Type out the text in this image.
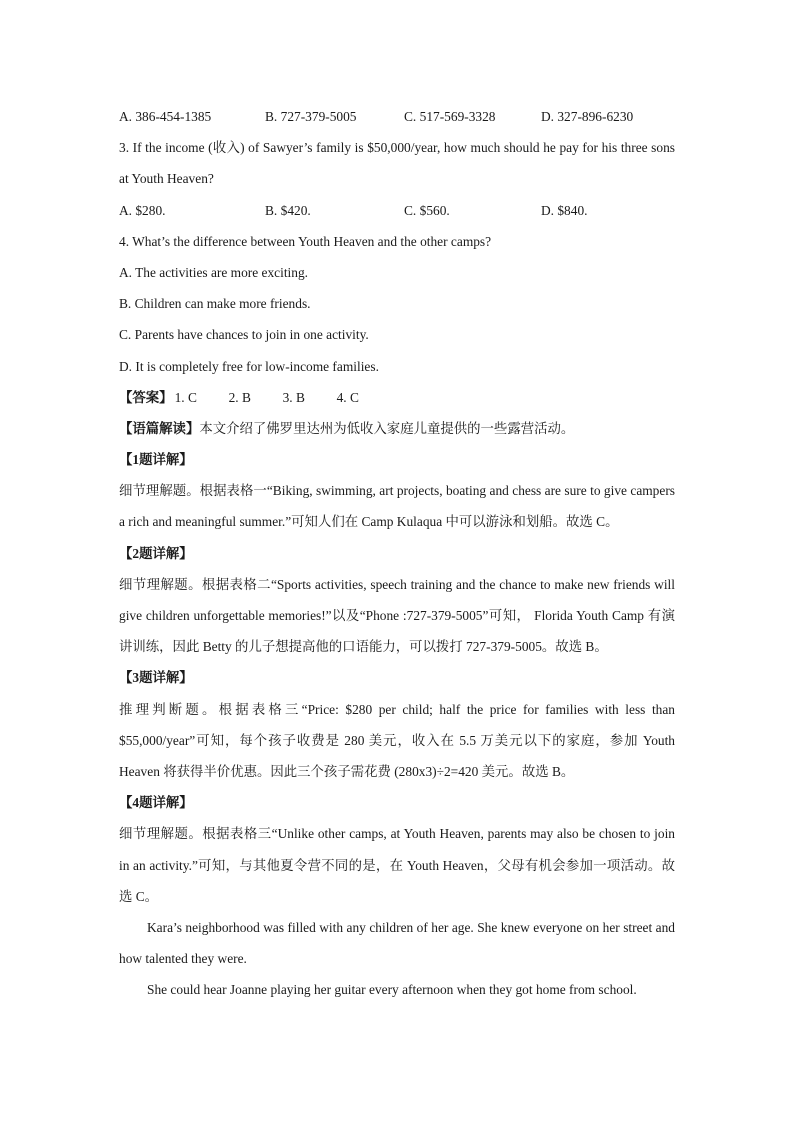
A. 386-454-1385	B. 727-379-5005	C. 517-569-3328	D. 327-896-6230
3. If the income (收入) of Sawyer’s family is $50,000/year, how much should he pay for his three sons at Youth Heaven?
A. $280.	B. $420.	C. $560.	D. $840.
4. What’s the difference between Youth Heaven and the other camps?
A. The activities are more exciting.
B. Children can make more friends.
C. Parents have chances to join in one activity.
D. It is completely free for low-income families.
【答案】 1. C 2. B 3. B 4. C
【语篇解读】本文介绍了佛罗里达州为低收入家庭儿童提供的一些露营活动。
【1题详解】
细节理解题。根据表格一“Biking, swimming, art projects, boating and chess are sure to give campers a rich and meaningful summer.”可知人们在 Camp Kulaqua 中可以游泳和划船。故选 C。
【2题详解】
细节理解题。根据表格二“Sports activities, speech training and the chance to make new friends will give children unforgettable memories!”以及“Phone :727-379-5005”可知， Florida Youth Camp 有演讲训练，因此 Betty 的儿子想提高他的口语能力，可以拨打 727-379-5005。故选 B。
【3题详解】
推理判断题。根据表格三“Price: $280 per child; half the price for families with less than $55,000/year”可知，每个孩子收费是 280 美元，收入在 5.5 万美元以下的家庭，参加 Youth Heaven 将获得半价优惠。因此三个孩子需花费 (280x3)÷2=420 美元。故选 B。
【4题详解】
细节理解题。根据表格三“Unlike other camps, at Youth Heaven, parents may also be chosen to join in an activity.”可知，与其他夏令营不同的是，在 Youth Heaven，父母有机会参加一项活动。故选 C。
Kara’s neighborhood was filled with any children of her age. She knew everyone on her street and how talented they were.
She could hear Joanne playing her guitar every afternoon when they got home from school.
